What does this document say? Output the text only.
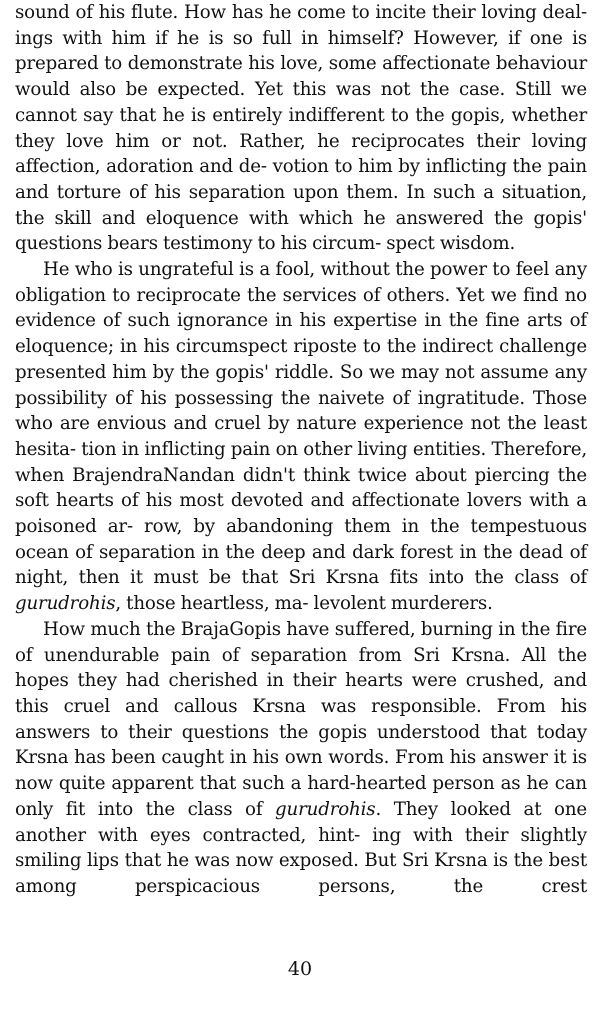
sound of his flute. How has he come to incite their loving deal- ings with him if he is so full in himself? However, if one is prepared to demonstrate his love, some affectionate behaviour would also be expected. Yet this was not the case. Still we cannot say that he is entirely indifferent to the gopis, whether they love him or not. Rather, he reciprocates their loving affection, adoration and de- votion to him by inflicting the pain and torture of his separation upon them. In such a situation, the skill and eloquence with which he answered the gopis' questions bears testimony to his circum- spect wisdom.

He who is ungrateful is a fool, without the power to feel any obligation to reciprocate the services of others. Yet we find no evidence of such ignorance in his expertise in the fine arts of eloquence; in his circumspect riposte to the indirect challenge presented him by the gopis' riddle. So we may not assume any possibility of his possessing the naivete of ingratitude. Those who are envious and cruel by nature experience not the least hesita- tion in inflicting pain on other living entities. Therefore, when BrajendraNandan didn't think twice about piercing the soft hearts of his most devoted and affectionate lovers with a poisoned ar- row, by abandoning them in the tempestuous ocean of separation in the deep and dark forest in the dead of night, then it must be that Sri Krsna fits into the class of gurudrohis, those heartless, ma- levolent murderers.

How much the BrajaGopis have suffered, burning in the fire of unendurable pain of separation from Sri Krsna. All the hopes they had cherished in their hearts were crushed, and this cruel and callous Krsna was responsible. From his answers to their questions the gopis understood that today Krsna has been caught in his own words. From his answer it is now quite apparent that such a hard-hearted person as he can only fit into the class of gurudrohis. They looked at one another with eyes contracted, hint- ing with their slightly smiling lips that he was now exposed. But Sri Krsna is the best among perspicacious persons, the crest

40
